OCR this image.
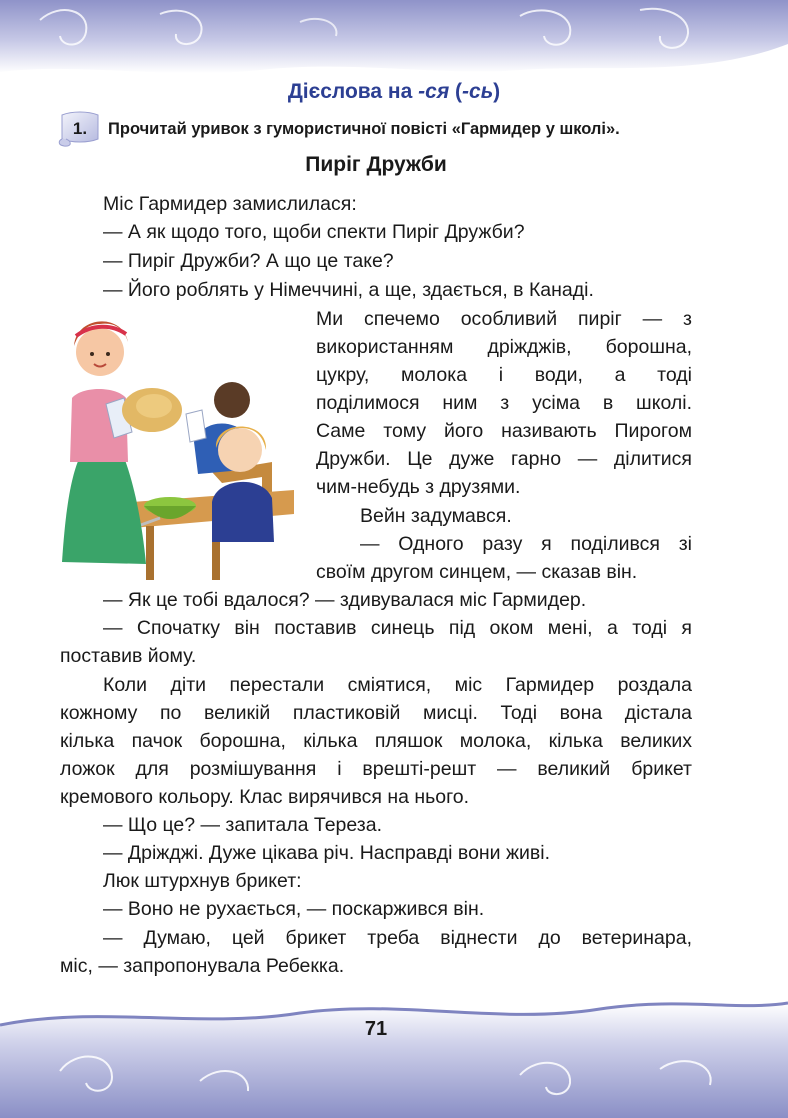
Дієслова на -ся (-сь)
1. Прочитай уривок з гумористичної повісті «Гармидер у школі».
Пиріг Дружби
Міс Гармидер замислилася:
— А як щодо того, щоби спекти Пиріг Дружби?
— Пиріг Дружби? А що це таке?
— Його роблять у Німеччині, а ще, здається, в Канаді.
Ми спечемо особливий пиріг — з
використанням дріжджів, борошна,
цукру, молока і води, а тоді
поділимося ним з усіма в школі.
Саме тому його називають Пирогом
Дружби. Це дуже гарно — ділитися
чим-небудь з друзями.
Вейн задумався.
— Одного разу я поділився зі
своїм другом синцем, — сказав він.
— Як це тобі вдалося? — здивувалася міс Гармидер.
— Спочатку він поставив синець під оком мені, а тоді я
поставив йому.
Коли діти перестали сміятися, міс Гармидер роздала
кожному по великій пластиковій мисці. Тоді вона дістала
кілька пачок борошна, кілька пляшок молока, кілька великих
ложок для розмішування і врешті-решт — великий брикет
кремового кольору. Клас вирячився на нього.
— Що це? — запитала Тереза.
— Дріжджі. Дуже цікава річ. Насправді вони живі.
Люк штурхнув брикет:
— Воно не рухається, — поскаржився він.
— Думаю, цей брикет треба віднести до ветеринара,
міс, — запропонувала Ребекка.
71
